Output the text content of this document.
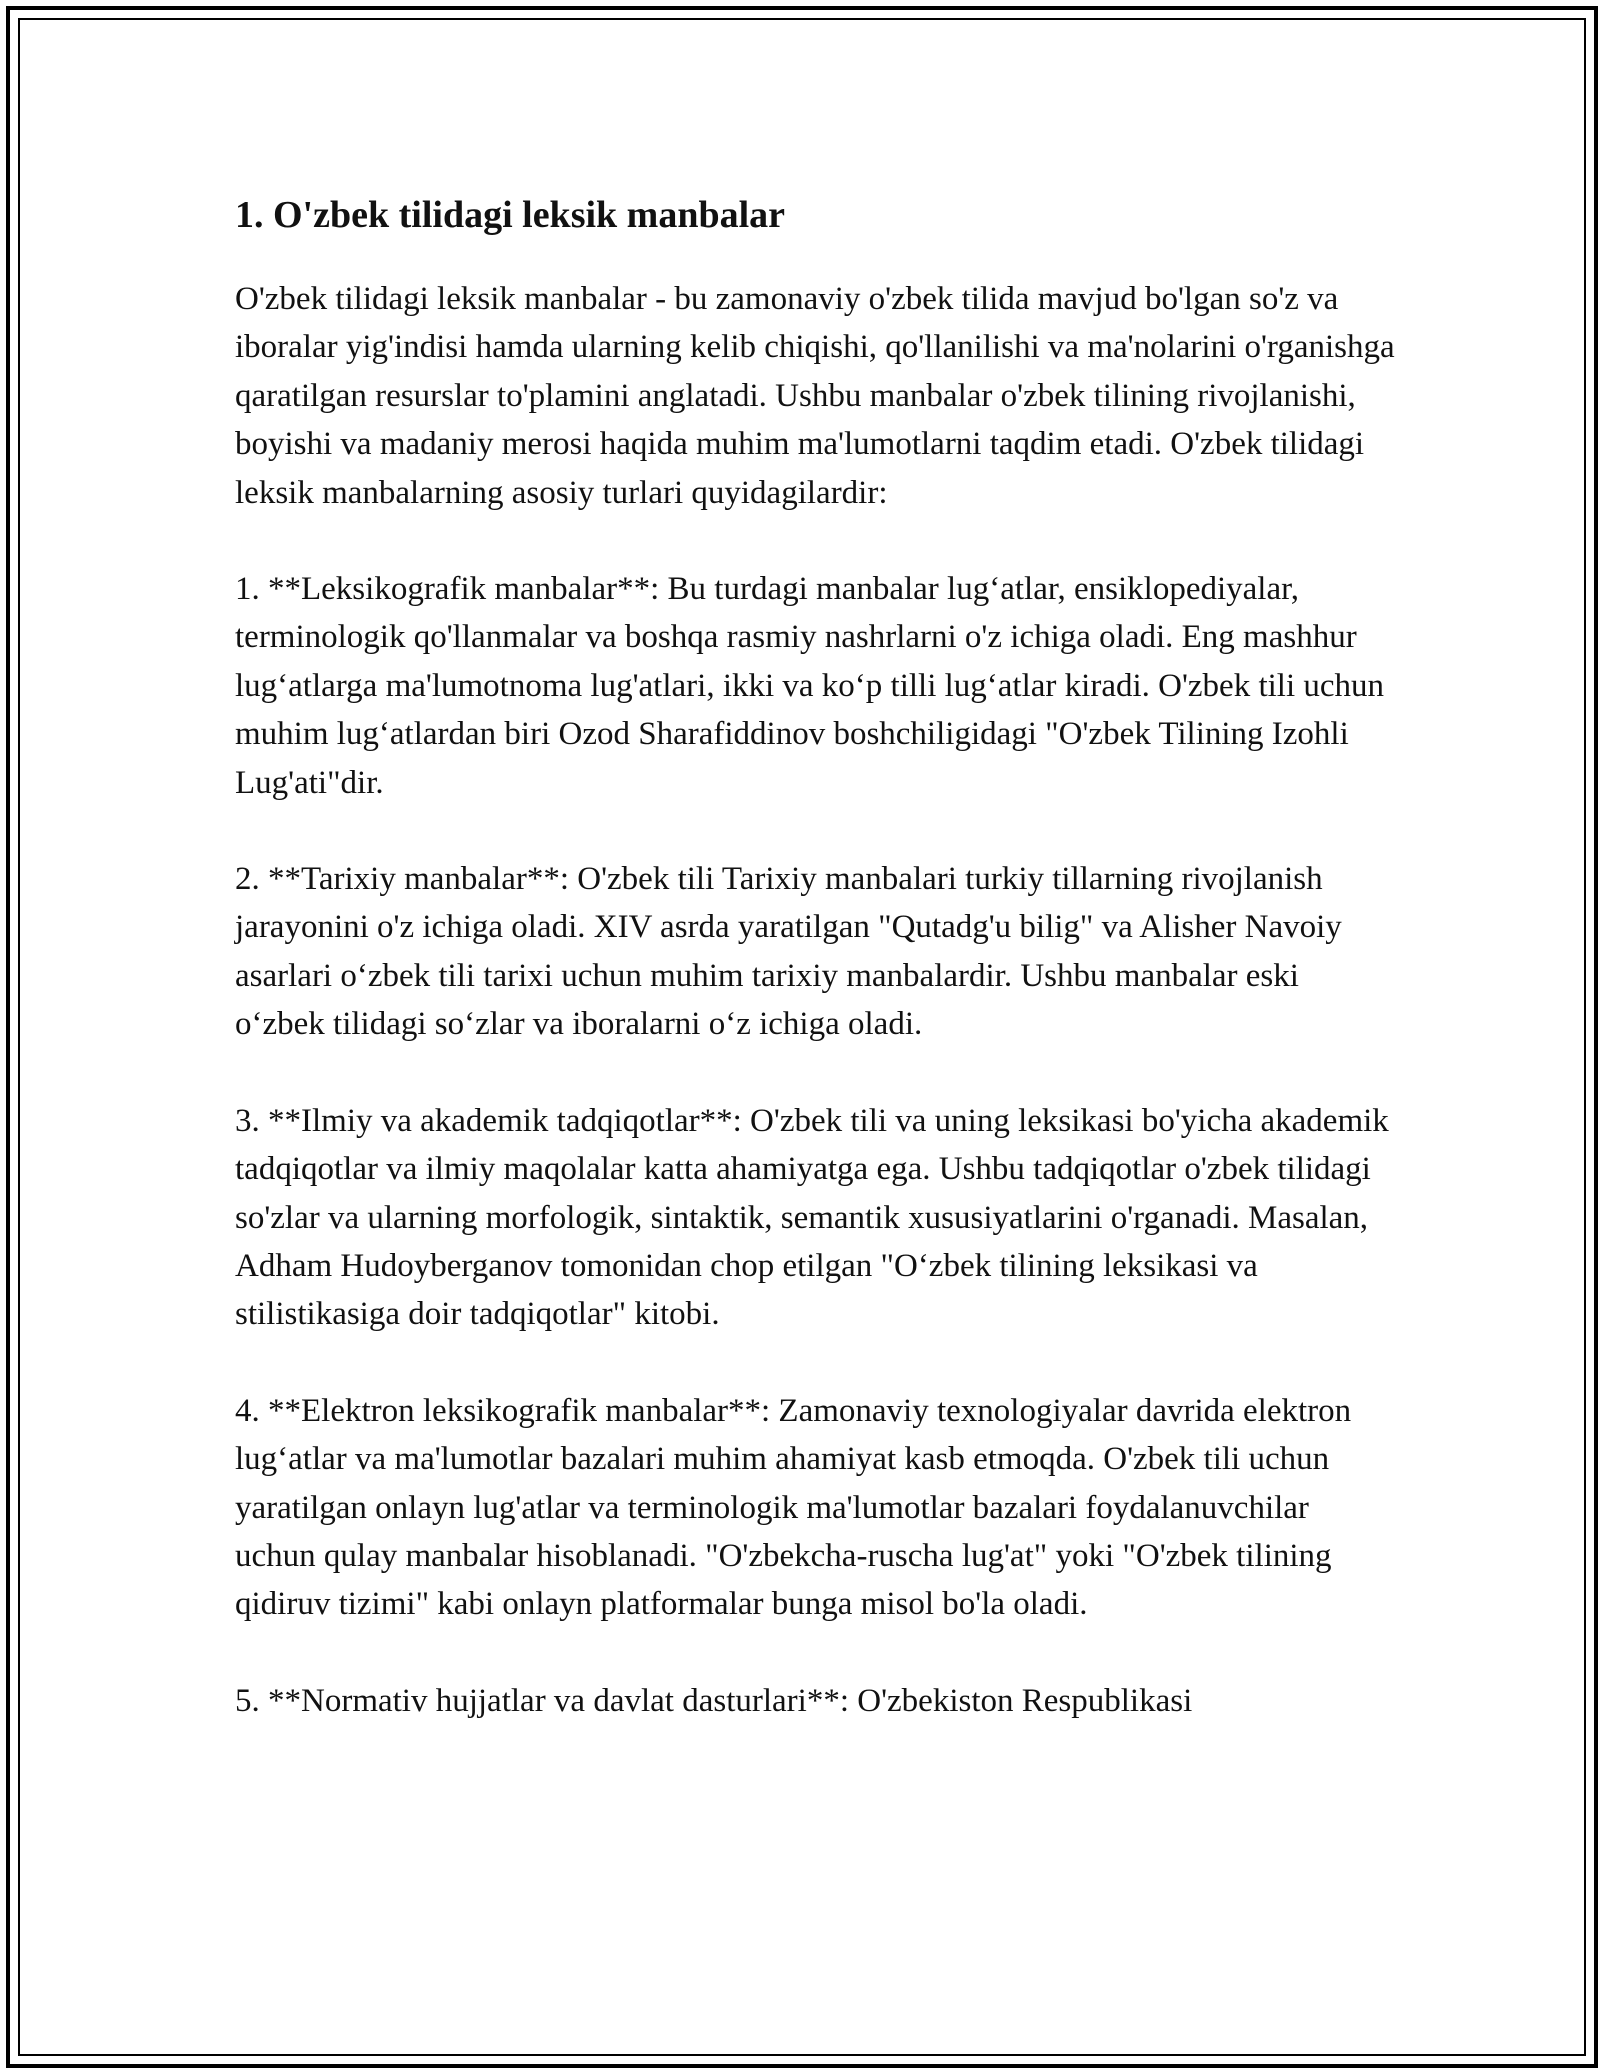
1. O'zbek tilidagi leksik manbalar

O'zbek tilidagi leksik manbalar - bu zamonaviy o'zbek tilida mavjud bo'lgan so'z va iboralar yig'indisi hamda ularning kelib chiqishi, qo'llanilishi va ma'nolarini o'rganishga qaratilgan resurslar to'plamini anglatadi. Ushbu manbalar o'zbek tilining rivojlanishi, boyishi va madaniy merosi haqida muhim ma'lumotlarni taqdim etadi. O'zbek tilidagi leksik manbalarning asosiy turlari quyidagilardir:

1. **Leksikografik manbalar**: Bu turdagi manbalar lug‘atlar, ensiklopediyalar, terminologik qo'llanmalar va boshqa rasmiy nashrlarni o'z ichiga oladi. Eng mashhur lug‘atlarga ma'lumotnoma lug'atlari, ikki va ko‘p tilli lug‘atlar kiradi. O'zbek tili uchun muhim lug‘atlardan biri Ozod Sharafiddinov boshchiligidagi "O'zbek Tilining Izohli Lug'ati"dir.

2. **Tarixiy manbalar**: O'zbek tili Tarixiy manbalari turkiy tillarning rivojlanish jarayonini o'z ichiga oladi. XIV asrda yaratilgan "Qutadg'u bilig" va Alisher Navoiy asarlari o‘zbek tili tarixi uchun muhim tarixiy manbalardir. Ushbu manbalar eski o‘zbek tilidagi so‘zlar va iboralarni o‘z ichiga oladi.

3. **Ilmiy va akademik tadqiqotlar**: O'zbek tili va uning leksikasi bo'yicha akademik tadqiqotlar va ilmiy maqolalar katta ahamiyatga ega. Ushbu tadqiqotlar o'zbek tilidagi so'zlar va ularning morfologik, sintaktik, semantik xususiyatlarini o'rganadi. Masalan, Adham Hudoyberganov tomonidan chop etilgan "O‘zbek tilining leksikasi va stilistikasiga doir tadqiqotlar" kitobi.

4. **Elektron leksikografik manbalar**: Zamonaviy texnologiyalar davrida elektron lug‘atlar va ma'lumotlar bazalari muhim ahamiyat kasb etmoqda. O'zbek tili uchun yaratilgan onlayn lug'atlar va terminologik ma'lumotlar bazalari foydalanuvchilar uchun qulay manbalar hisoblanadi. "O'zbekcha-ruscha lug'at" yoki "O'zbek tilining qidiruv tizimi" kabi onlayn platformalar bunga misol bo'la oladi.

5. **Normativ hujjatlar va davlat dasturlari**: O'zbekiston Respublikasi
